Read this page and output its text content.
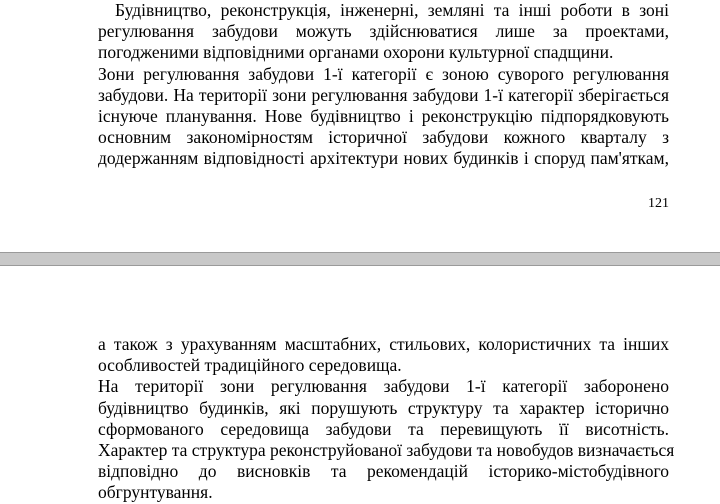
Будівництво, реконструкція, інженерні, земляні та інші роботи в зоні
регулювання забудови можуть здійснюватися лише за проектами,
погодженими відповідними органами охорони культурної спадщини.
Зони регулювання забудови 1-ї категорії є зоною суворого регулювання
забудови. На території зони регулювання забудови 1-ї категорії зберігається
існуюче планування. Нове будівництво і реконструкцію підпорядковують
основним закономірностям історичної забудови кожного кварталу з
додержанням відповідності архітектури нових будинків і споруд пам'яткам,
121
а також з урахуванням масштабних, стильових, колористичних та інших
особливостей традиційного середовища.
На території зони регулювання забудови 1-ї категорії заборонено
будівництво будинків, які порушують структуру та характер історично
сформованого середовища забудови та перевищують її висотність.
Характер та структура реконструйованої забудови та новобудов визначається
відповідно до висновків та рекомендацій історико-містобудівного
обгрунтування.
